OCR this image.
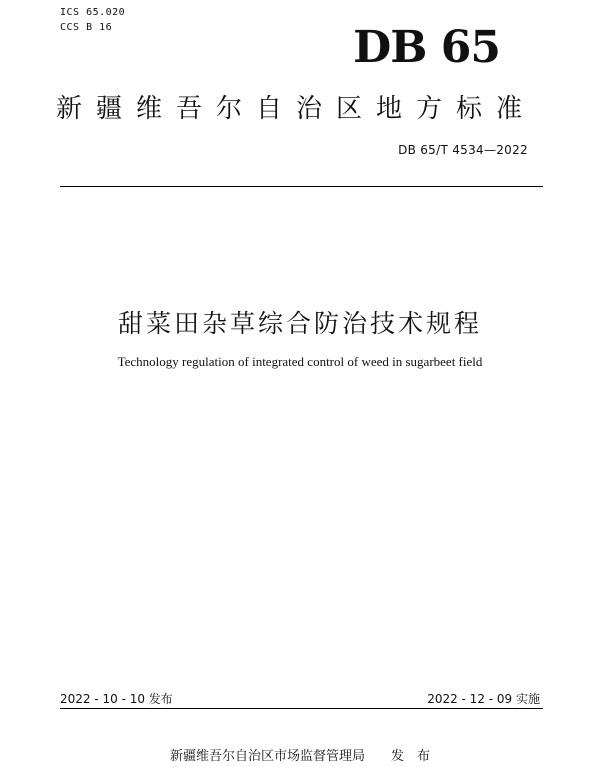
ICS 65.020
CCS B 16	DB 65
新疆维吾尔自治区地方标准
DB 65/T 4534—2022
甜菜田杂草综合防治技术规程
Technology regulation of integrated control of weed in sugarbeet field
2022 - 10 - 10 发布	2022 - 12 - 09 实施
新疆维吾尔自治区市场监督管理局　　发　布
